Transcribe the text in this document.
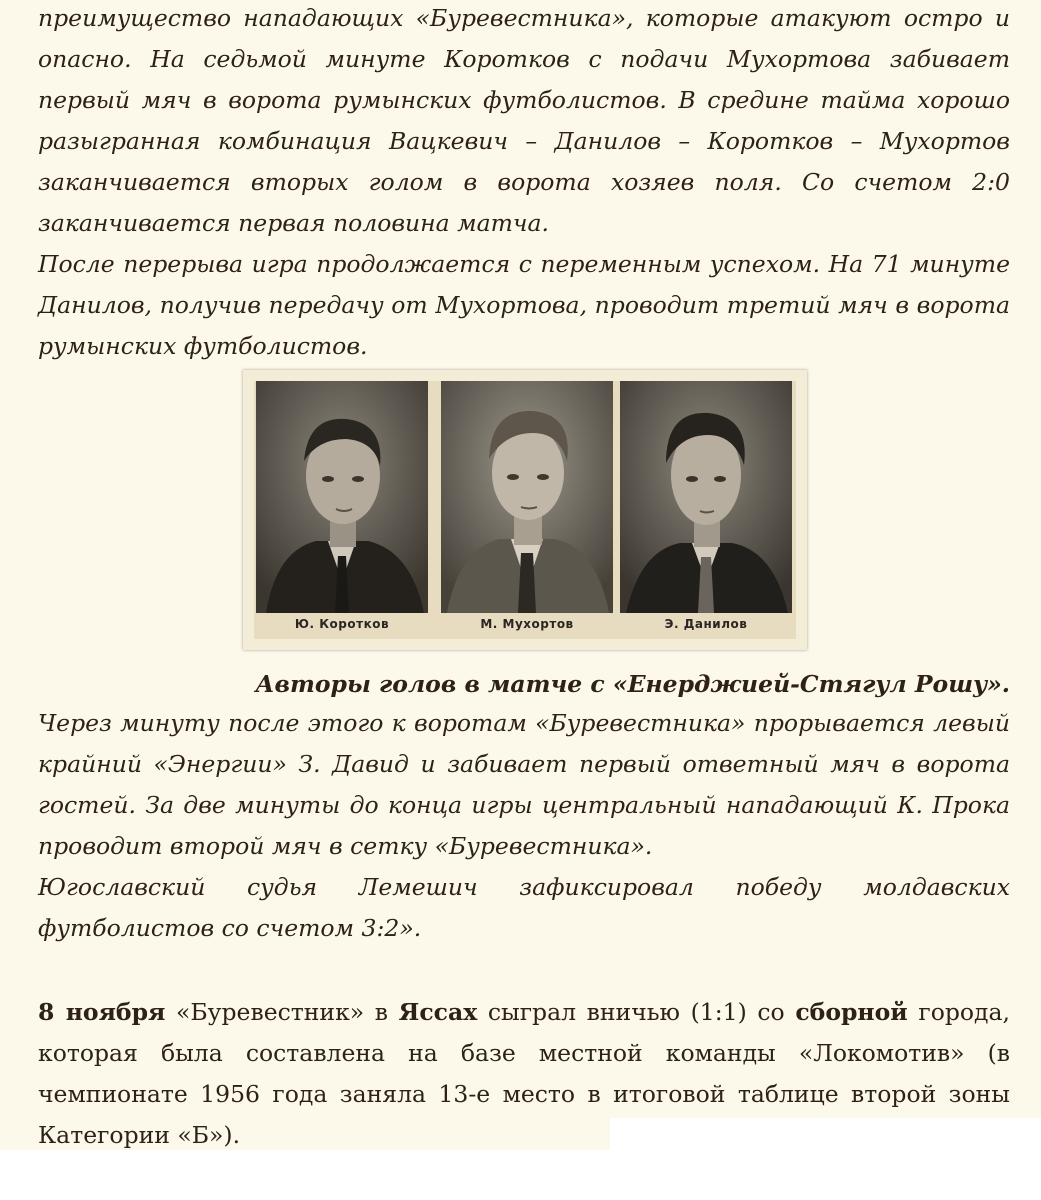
преимущество нападающих «Буревестника», которые атакуют остро и опасно. На седьмой минуте Коротков с подачи Мухортова забивает первый мяч в ворота румынских футболистов. В средине тайма хорошо разыгранная комбинация Вацкевич – Данилов – Коротков – Мухортов заканчивается вторых голом в ворота хозяев поля. Со счетом 2:0 заканчивается первая половина матча.

После перерыва игра продолжается с переменным успехом. На 71 минуте Данилов, получив передачу от Мухортова, проводит третий мяч в ворота румынских футболистов.

Ю. Коротков	М. Мухортов	Э. Данилов
Авторы голов в матче с «Енерджией-Стягул Рошу».

Через минуту после этого к воротам «Буревестника» прорывается левый крайний «Энергии» З. Давид и забивает первый ответный мяч в ворота гостей. За две минуты до конца игры центральный нападающий К. Прока проводит второй мяч в сетку «Буревестника».

Югославский судья Лемешич зафиксировал победу молдавских футболистов со счетом 3:2».

8 ноября «Буревестник» в Яссах сыграл вничью (1:1) со сборной города, которая была составлена на базе местной команды «Локомотив» (в чемпионате 1956 года заняла 13-е место в итоговой таблице второй зоны Категории «Б»).
